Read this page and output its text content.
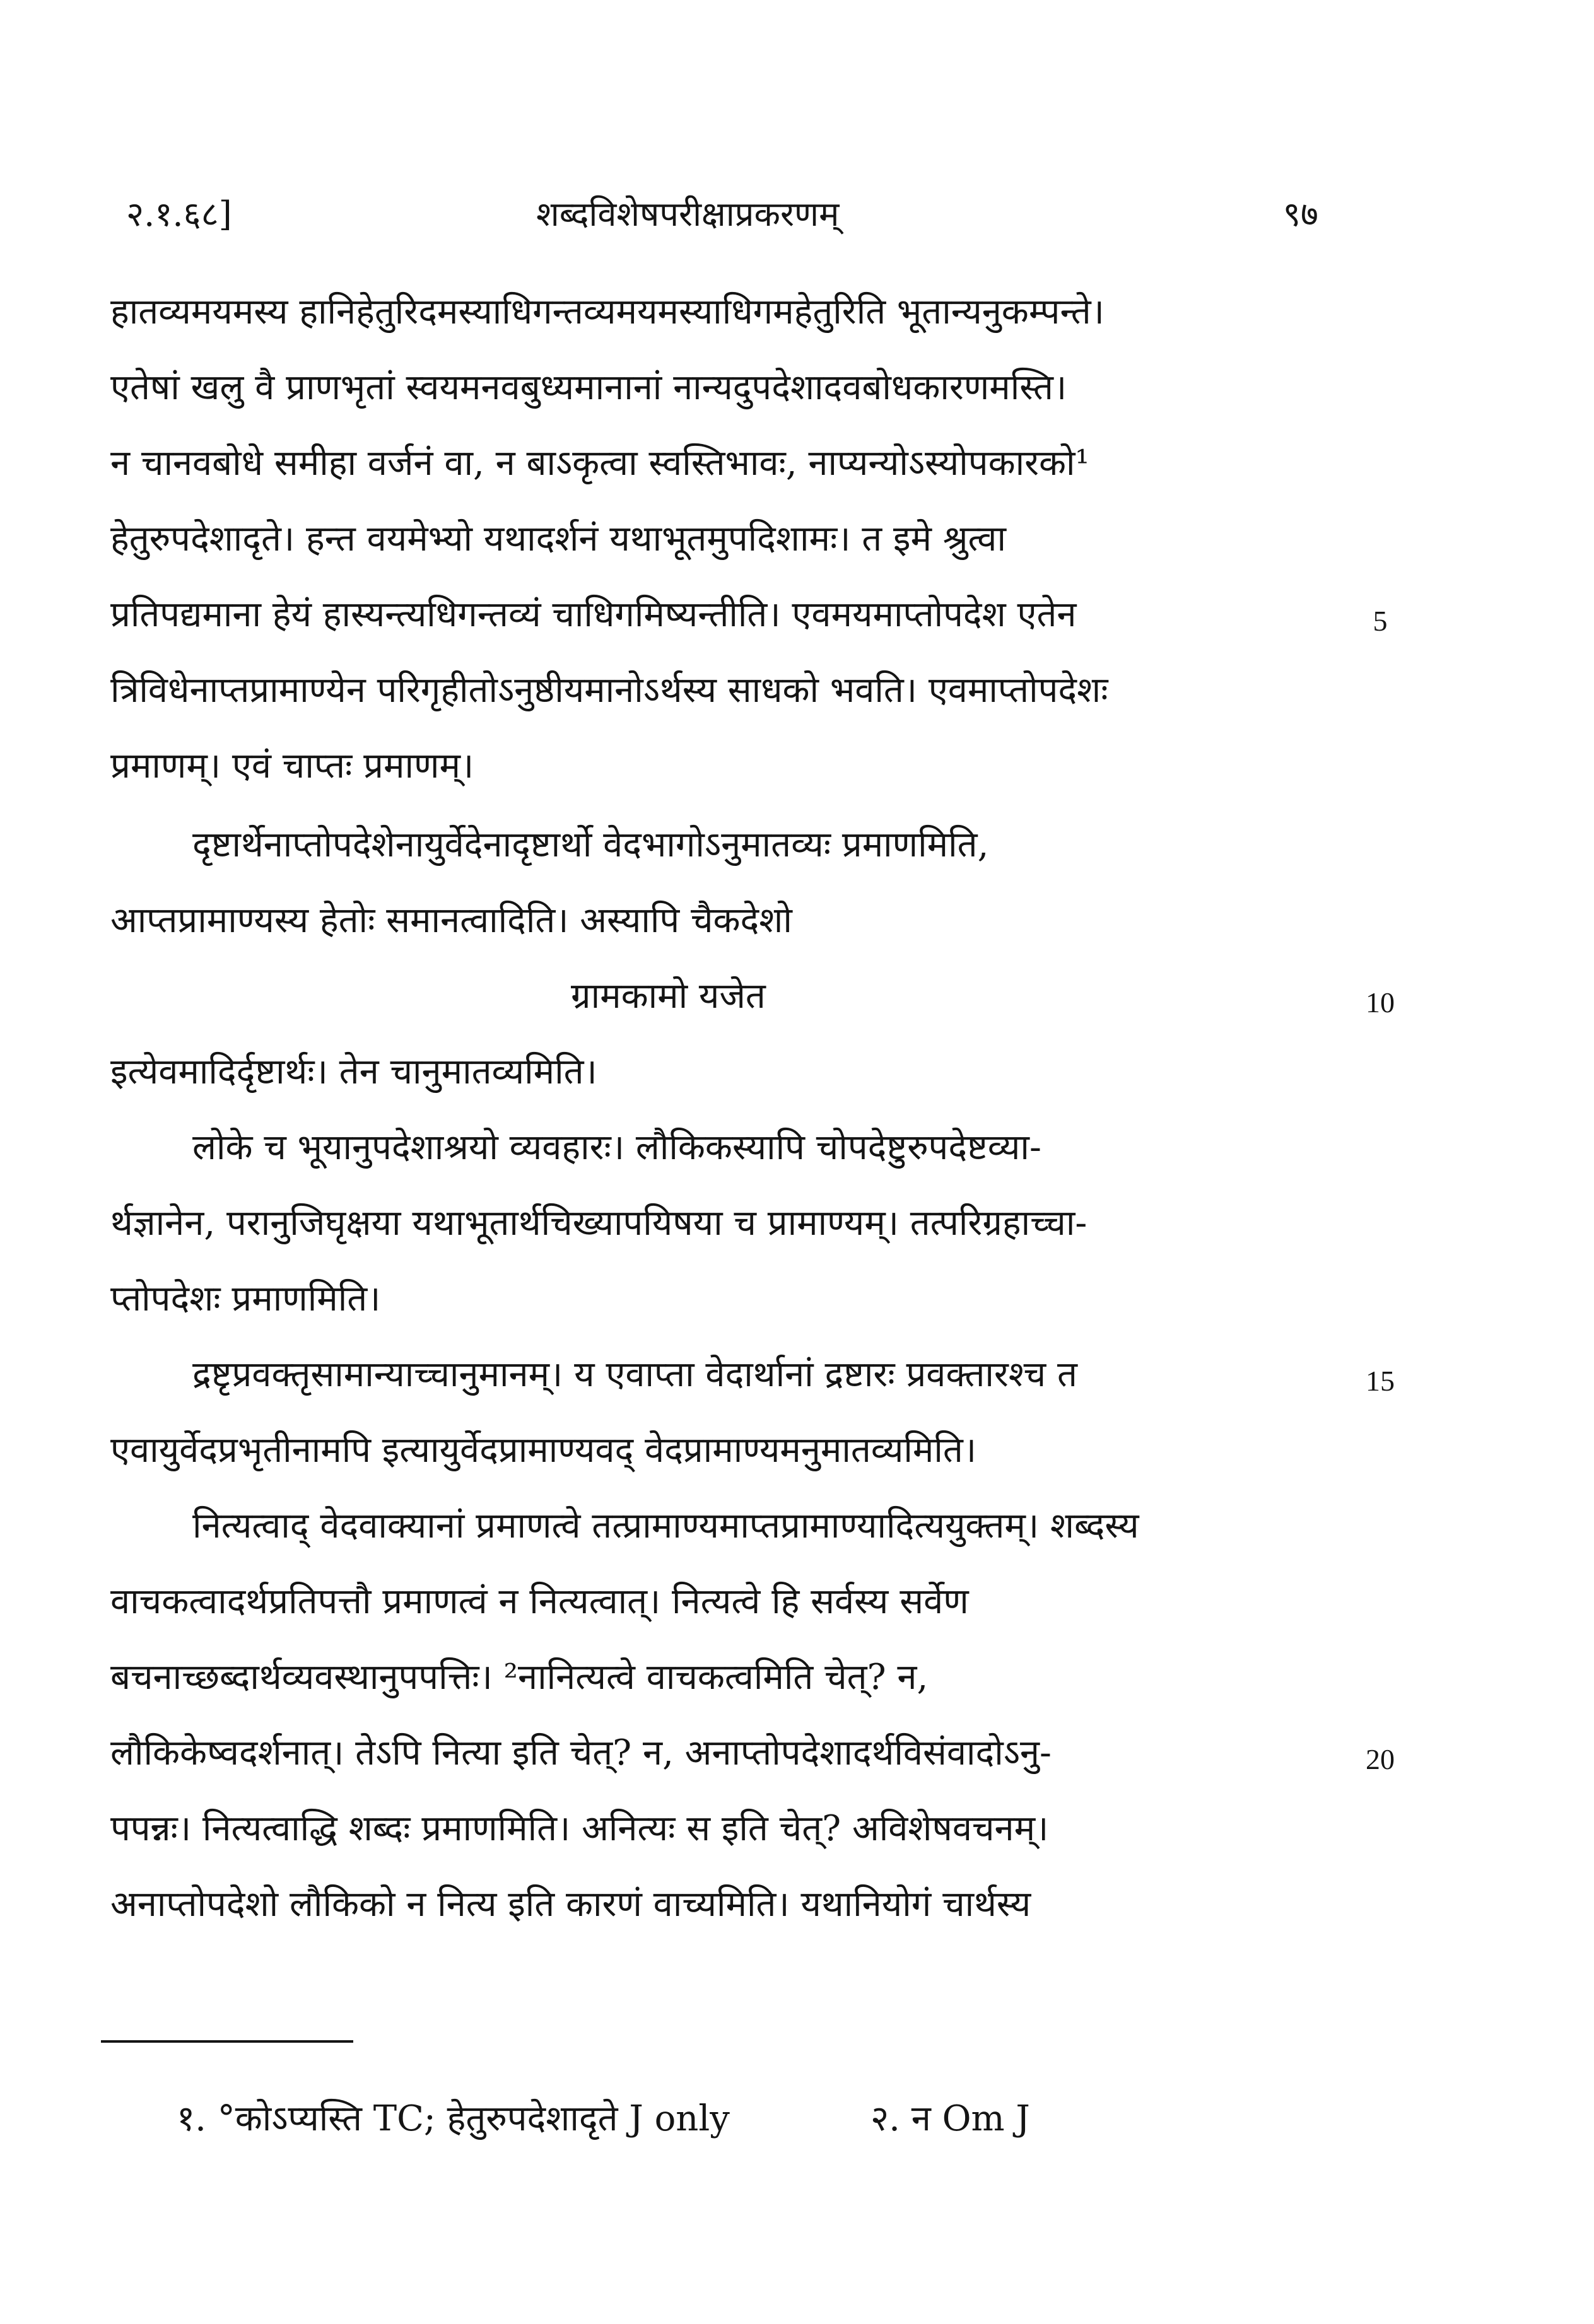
२.१.६८]	शब्दविशेषपरीक्षाप्रकरणम्	९७
हातव्यमयमस्य हानिहेतुरिदमस्याधिगन्तव्यमयमस्याधिगमहेतुरिति भूतान्यनुकम्पन्ते।
एतेषां खलु वै प्राणभृतां स्वयमनवबुध्यमानानां नान्यदुपदेशादवबोधकारणमस्ति।
न चानवबोधे समीहा वर्जनं वा, न बाऽकृत्वा स्वस्तिभावः, नाप्यन्योऽस्योपकारको¹
हेतुरुपदेशादृते। हन्त वयमेभ्यो यथादर्शनं यथाभूतमुपदिशामः। त इमे श्रुत्वा
प्रतिपद्यमाना हेयं हास्यन्त्यधिगन्तव्यं चाधिगमिष्यन्तीति। एवमयमाप्तोपदेश एतेन
त्रिविधेनाप्तप्रामाण्येन परिगृहीतोऽनुष्ठीयमानोऽर्थस्य साधको भवति। एवमाप्तोपदेशः
प्रमाणम्। एवं चाप्तः प्रमाणम्।
दृष्टार्थेनाप्तोपदेशेनायुर्वेदेनादृष्टार्थो वेदभागोऽनुमातव्यः प्रमाणमिति,
आप्तप्रामाण्यस्य हेतोः समानत्वादिति। अस्यापि चैकदेशो
ग्रामकामो यजेत
इत्येवमादिर्दृष्टार्थः। तेन चानुमातव्यमिति।
लोके च भूयानुपदेशाश्रयो व्यवहारः। लौकिकस्यापि चोपदेष्टुरुपदेष्टव्या-
र्थज्ञानेन, परानुजिघृक्षया यथाभूतार्थचिख्यापयिषया च प्रामाण्यम्। तत्परिग्रहाच्चा-
प्तोपदेशः प्रमाणमिति।
द्रष्टृप्रवक्तृसामान्याच्चानुमानम्। य एवाप्ता वेदार्थानां द्रष्टारः प्रवक्तारश्च त
एवायुर्वेदप्रभृतीनामपि इत्यायुर्वेदप्रामाण्यवद् वेदप्रामाण्यमनुमातव्यमिति।
नित्यत्वाद् वेदवाक्यानां प्रमाणत्वे तत्प्रामाण्यमाप्तप्रामाण्यादित्ययुक्तम्। शब्दस्य
वाचकत्वादर्थप्रतिपत्तौ प्रमाणत्वं न नित्यत्वात्। नित्यत्वे हि सर्वस्य सर्वेण
बचनाच्छब्दार्थव्यवस्थानुपपत्तिः। ²नानित्यत्वे वाचकत्वमिति चेत्? न,
लौकिकेष्वदर्शनात्। तेऽपि नित्या इति चेत्? न, अनाप्तोपदेशादर्थविसंवादोऽनु-
पपन्नः। नित्यत्वाद्धि शब्दः प्रमाणमिति। अनित्यः स इति चेत्? अविशेषवचनम्।
अनाप्तोपदेशो लौकिको न नित्य इति कारणं वाच्यमिति। यथानियोगं चार्थस्य
5
10
15
20
१. °कोऽप्यस्ति TC; हेतुरुपदेशादृते J only	२. न Om J
